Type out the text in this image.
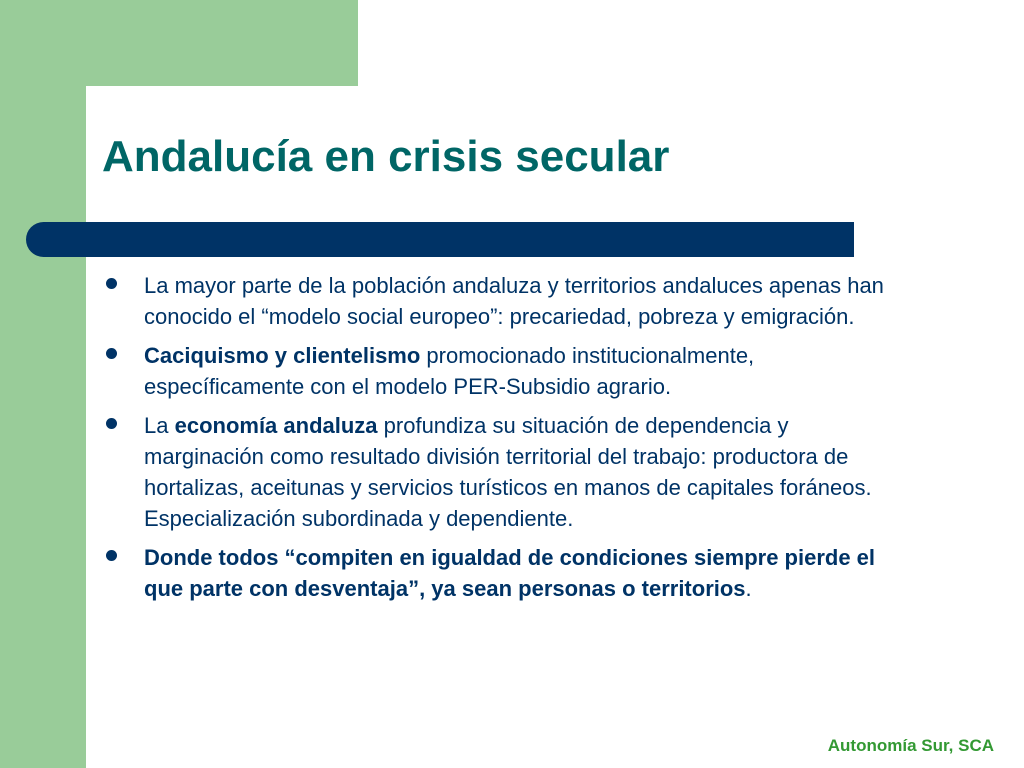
Andalucía en crisis secular
La mayor parte de la población andaluza y territorios andaluces apenas han conocido el “modelo social europeo”: precariedad, pobreza y emigración.
Caciquismo y clientelismo promocionado institucionalmente, específicamente con el modelo PER-Subsidio agrario.
La economía andaluza profundiza su situación de dependencia y marginación como resultado división territorial del trabajo: productora de hortalizas, aceitunas y servicios turísticos en manos de capitales foráneos. Especialización subordinada y dependiente.
Donde todos “compiten en igualdad de condiciones siempre pierde el que parte con desventaja”, ya sean personas o territorios.
Autonomía Sur, SCA
